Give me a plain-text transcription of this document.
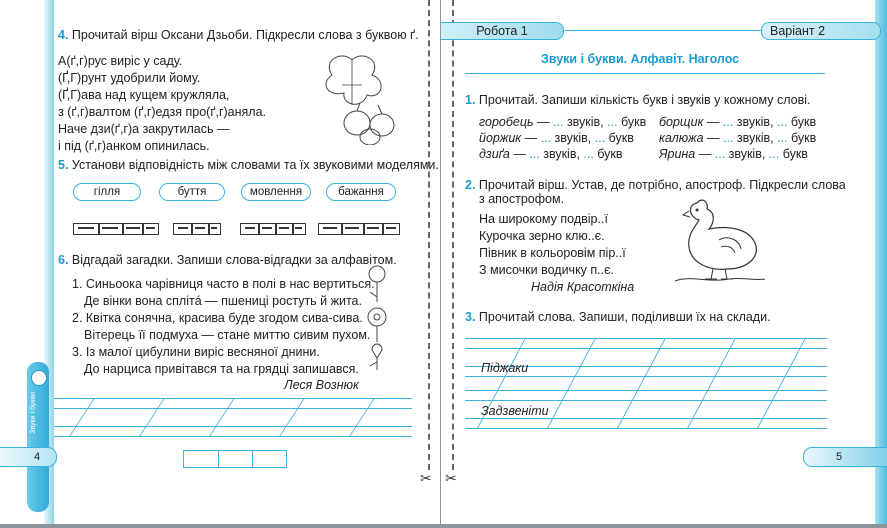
4. Прочитай вірш Оксани Дзьоби. Підкресли слова з буквою ґ.
А(ґ,г)рус виріс у саду.
(Ґ,Г)рунт удобрили йому.
(Ґ,Г)ава над кущем кружляла,
з (ґ,г)валтом (ґ,г)едзя про(ґ,г)аняла.
Наче дзи(ґ,г)а закрутилась —
і під (ґ,г)анком опинилась.
5. Установи відповідність між словами та їх звуковими моделями.
гілля	буття	мовлення	бажання
6. Відгадай загадки. Запиши слова-відгадки за алфавітом.
1. Синьоока чарівниця часто в полі в нас вертиться.
Де вінки вона сплітá — пшениці ростуть й жита.
2. Квітка сонячна, красива буде згодом сива-сива.
Вітерець її подмуха — стане миттю сивим пухом.
3. Із малої цибулини виріс весняної днини.
До нарциса привітався та на грядці запишався.
Леся Вознюк
Звуки і букви
4
✂ ✂
Робота 1	Варіант 2
Звуки і букви. Алфавіт. Наголос
1. Прочитай. Запиши кількість букв і звуків у кожному слові.
горобець — ... звуків, ... букв борщик — ... звуків, ... букв
йоржик — ... звуків, ... букв калюжа — ... звуків, ... букв
дзиґа — ... звуків, ... букв	Ярина — ... звуків, ... букв
2. Прочитай вірш. Устав, де потрібно, апостроф. Підкресли слова
з апострофом.
На широкому подвір..ї
Курочка зерно клю..є.
Півник в кольоровім пір..ї
З мисочки водичку п..є.
Надія Красоткіна
3. Прочитай слова. Запиши, поділивши їх на склади.
Піджаки
Задзвеніти
5
